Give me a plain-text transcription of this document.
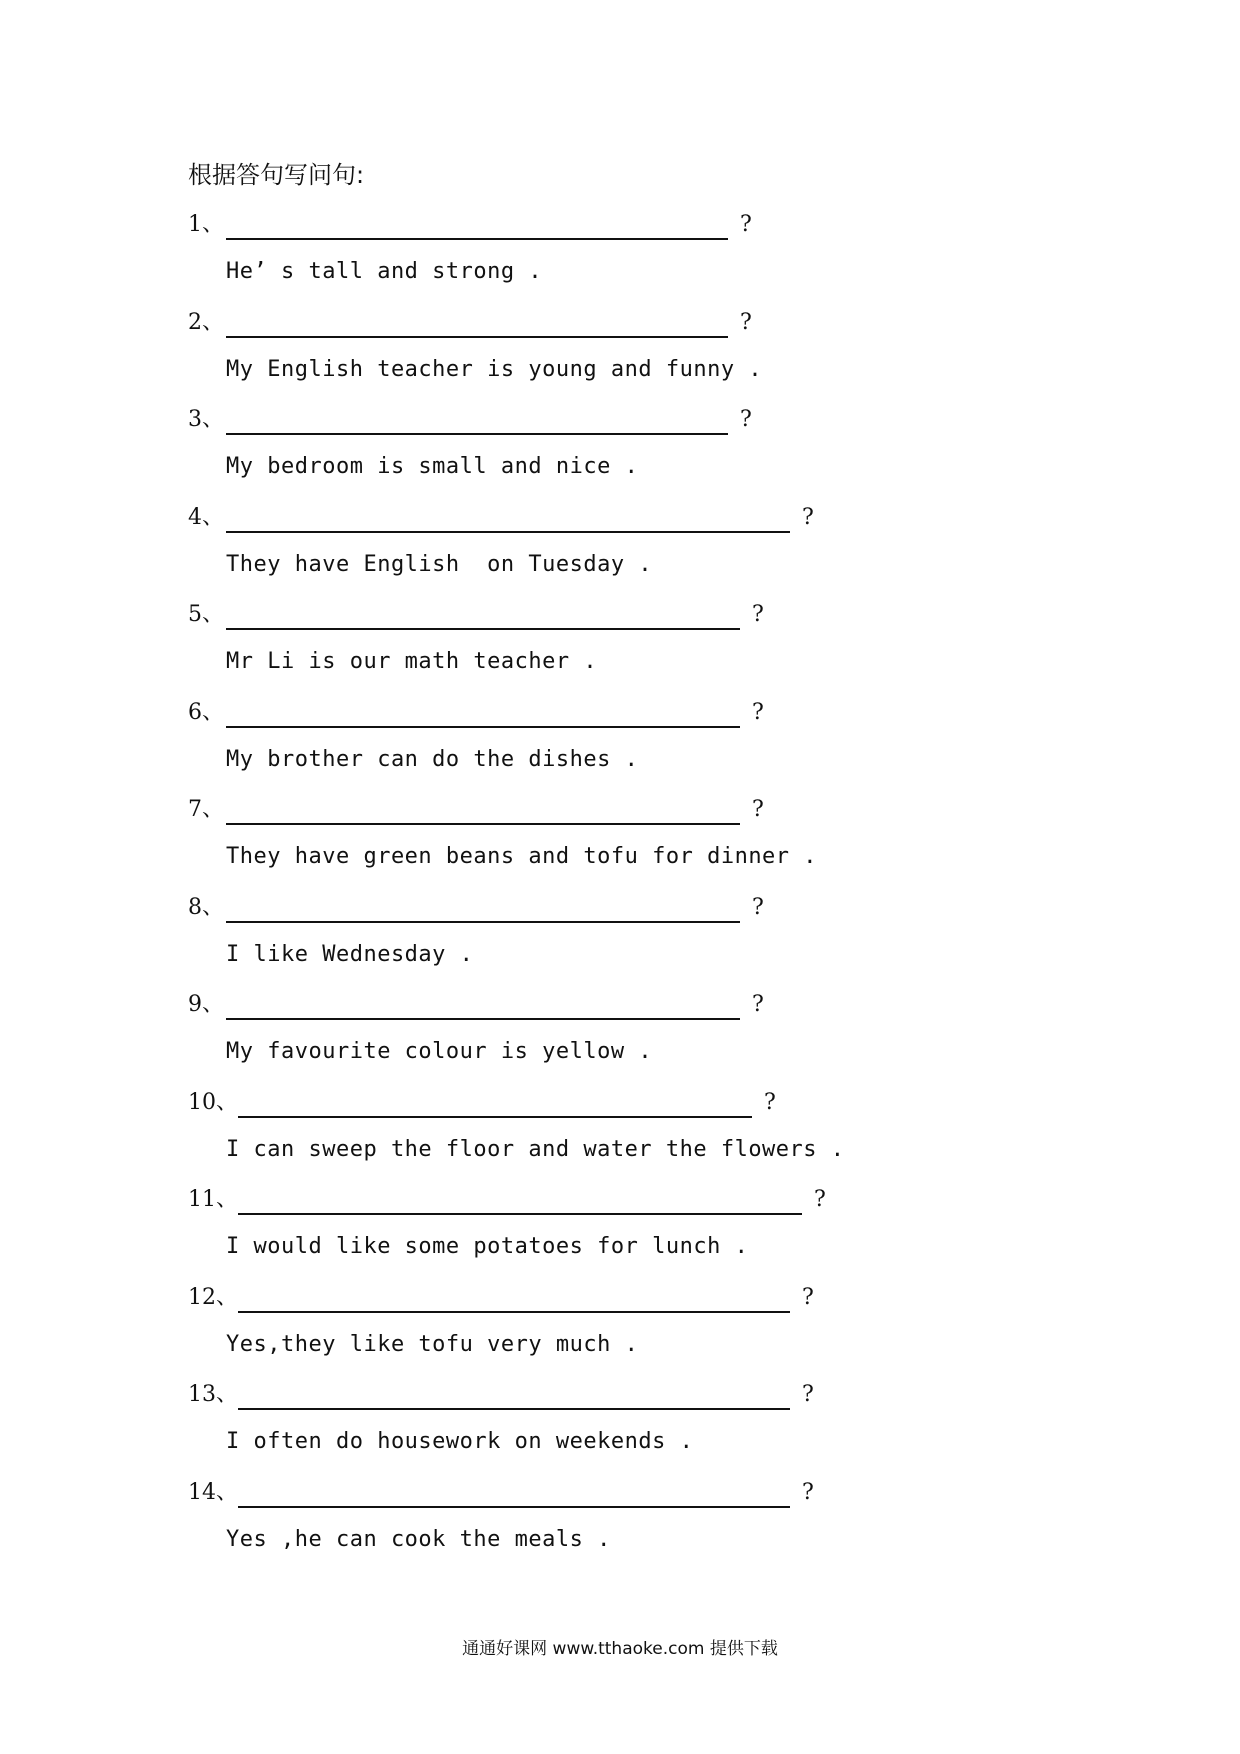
根据答句写问句:
1、	?
He’ s tall and strong .
2、	?
My English teacher is young and funny .
3、	?
My bedroom is small and nice .
4、	?
They have English  on Tuesday .
5、	?
Mr Li is our math teacher .
6、	?
My brother can do the dishes .
7、	?
They have green beans and tofu for dinner .
8、	?
I like Wednesday .
9、	?
My favourite colour is yellow .
10、	?
I can sweep the floor and water the flowers .
11、	?
I would like some potatoes for lunch .
12、	?
Yes,they like tofu very much .
13、	?
I often do housework on weekends .
14、	?
Yes ,he can cook the meals .
通通好课网 www.tthaoke.com 提供下载
